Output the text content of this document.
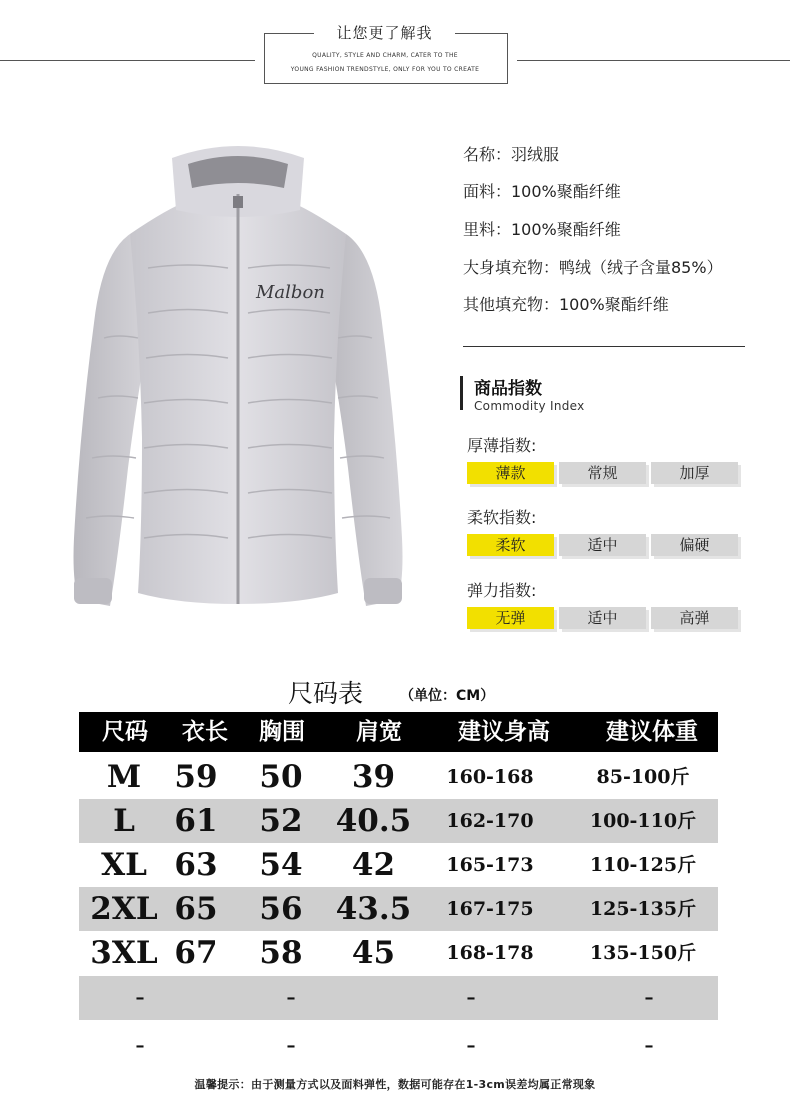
让您更了解我
QUALITY, STYLE AND CHARM, CATER TO THE
YOUNG FASHION TRENDSTYLE, ONLY FOR YOU TO CREATE
Malbon
名称：羽绒服
面料：100%聚酯纤维
里料：100%聚酯纤维
大身填充物：鸭绒（绒子含量85%）
其他填充物：100%聚酯纤维
商品指数
Commodity Index
厚薄指数:
薄款	常规	加厚
柔软指数:
柔软	适中	偏硬
弹力指数:
无弹	适中	高弹
尺码表	（单位：CM）
尺码	衣长	胸围	肩宽	建议身高	建议体重
M	59	50	39	160-168	85-100斤
L	61	52	40.5	162-170	100-110斤
XL 63	54	42	165-173	110-125斤
2XL 65	56	43.5	167-175	125-135斤
3XL 67	58	45	168-178	135-150斤
–	–	–	–
–	–	–	–
温馨提示：由于测量方式以及面料弹性，数据可能存在1-3cm误差均属正常现象
